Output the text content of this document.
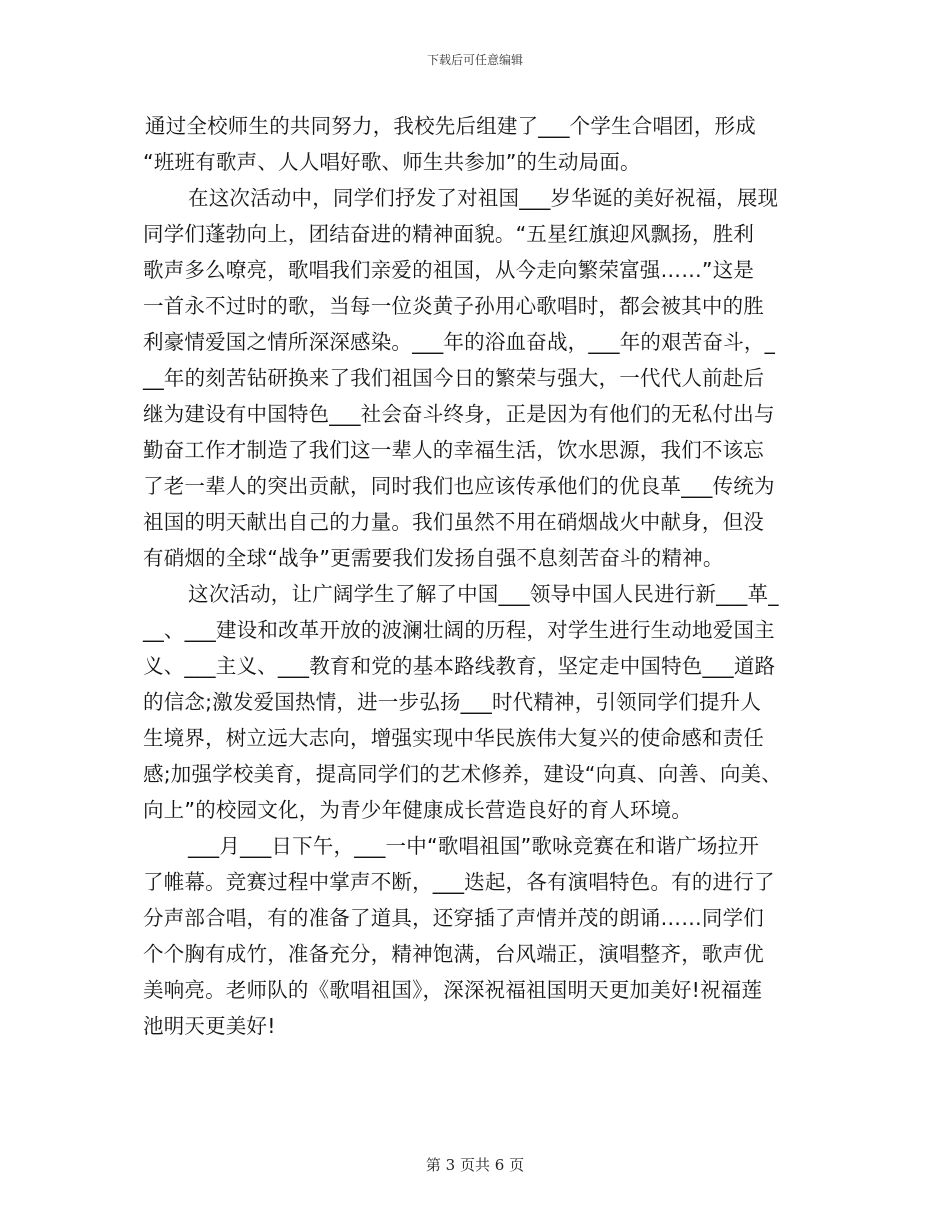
下载后可任意编辑
通过全校师生的共同努力，我校先后组建了___个学生合唱团，形成
“班班有歌声、人人唱好歌、师生共参加”的生动局面。
在这次活动中，同学们抒发了对祖国___岁华诞的美好祝福，展现
同学们蓬勃向上，团结奋进的精神面貌。“五星红旗迎风飘扬，胜利
歌声多么嘹亮，歌唱我们亲爱的祖国，从今走向繁荣富强……”这是
一首永不过时的歌，当每一位炎黄子孙用心歌唱时，都会被其中的胜
利豪情爱国之情所深深感染。___年的浴血奋战，___年的艰苦奋斗，_
__年的刻苦钻研换来了我们祖国今日的繁荣与强大，一代代人前赴后
继为建设有中国特色___社会奋斗终身，正是因为有他们的无私付出与
勤奋工作才制造了我们这一辈人的幸福生活，饮水思源，我们不该忘
了老一辈人的突出贡献，同时我们也应该传承他们的优良革___传统为
祖国的明天献出自己的力量。我们虽然不用在硝烟战火中献身，但没
有硝烟的全球“战争”更需要我们发扬自强不息刻苦奋斗的精神。
这次活动，让广阔学生了解了中国___领导中国人民进行新___革_
__、___建设和改革开放的波澜壮阔的历程，对学生进行生动地爱国主
义、___主义、___教育和党的基本路线教育，坚定走中国特色___道路
的信念;激发爱国热情，进一步弘扬___时代精神，引领同学们提升人
生境界，树立远大志向，增强实现中华民族伟大复兴的使命感和责任
感;加强学校美育，提高同学们的艺术修养，建设“向真、向善、向美、
向上”的校园文化，为青少年健康成长营造良好的育人环境。
___月___日下午，___一中“歌唱祖国”歌咏竞赛在和谐广场拉开
了帷幕。竞赛过程中掌声不断，___迭起，各有演唱特色。有的进行了
分声部合唱，有的准备了道具，还穿插了声情并茂的朗诵……同学们
个个胸有成竹，准备充分，精神饱满，台风端正，演唱整齐，歌声优
美响亮。老师队的《歌唱祖国》，深深祝福祖国明天更加美好!祝福莲
池明天更美好!
第 3 页共 6 页
